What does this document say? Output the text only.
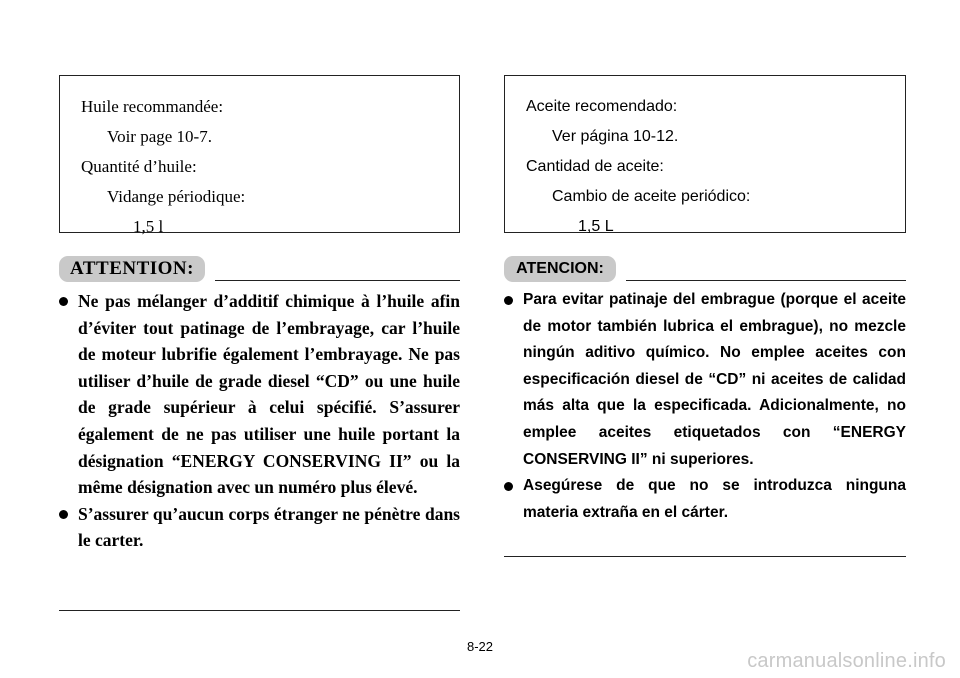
Huile recommandée:
Voir page 10-7.
Quantité d’huile:
Vidange périodique:
1,5 l
ATTENTION:
Ne pas mélanger d’additif chimique à l’huile afin d’éviter tout patinage de l’embrayage, car l’huile de moteur lubrifie également l’embrayage. Ne pas utiliser d’huile de grade diesel “CD” ou une huile de grade supérieur à celui spécifié. S’assurer également de ne pas utiliser une huile portant la désignation “ENERGY CONSERVING II” ou la même désignation avec un numéro plus élevé.
S’assurer qu’aucun corps étranger ne pénètre dans le carter.
Aceite recomendado:
Ver página 10-12.
Cantidad de aceite:
Cambio de aceite periódico:
1,5 L
ATENCION:
Para evitar patinaje del embrague (porque el aceite de motor también lubrica el embrague), no mezcle ningún aditivo químico. No emplee aceites con especificación diesel de “CD” ni aceites de calidad más alta que la especificada. Adicionalmente, no emplee aceites etiquetados con “ENERGY CONSERVING II” ni superiores.
Asegúrese de que no se introduzca ninguna materia extraña en el cárter.
8-22
carmanualsonline.info
